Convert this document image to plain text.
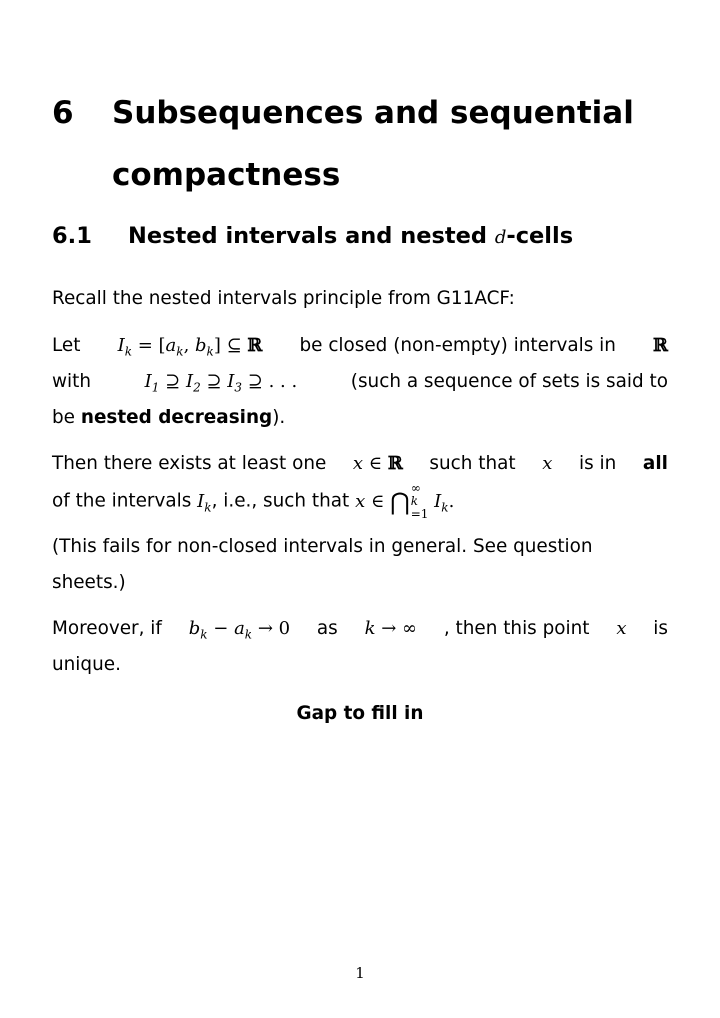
6 Subsequences and sequential
compactness
6.1 Nested intervals and nested d-cells
Recall the nested intervals principle from G11ACF:
Let $I_k = [a_k$, $b_k$] ⊆ ℝ be closed (non-empty) intervals in ℝ
with	$I_1$ ⊇ $I_2$ ⊇ $I_3$ ⊇ . . .	(such a sequence of sets is said to
be nested decreasing).
Then there exists at least one x ∈ ℝ such that x is in all
of the intervals $I_k$, i.e., such that x ∈ ⋂ ∞
k
=1
$I_k$.
(This fails for non-closed intervals in general. See question
sheets.)
Moreover, if $b_k - a_k \to 0$ as k → ∞ , then this point x is
unique.
Gap to fill in
1
